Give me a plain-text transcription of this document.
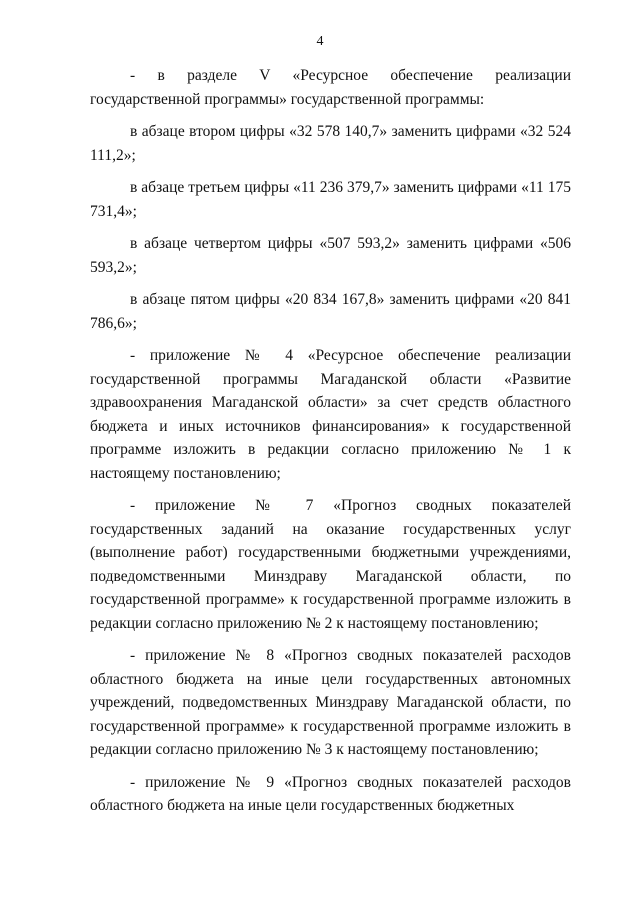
4

- в разделе V «Ресурсное обеспечение реализации государственной программы» государственной программы:

в абзаце втором цифры «32 578 140,7» заменить цифрами «32 524 111,2»;

в абзаце третьем цифры «11 236 379,7» заменить цифрами «11 175 731,4»;

в абзаце четвертом цифры «507 593,2» заменить цифрами «506 593,2»;

в абзаце пятом цифры «20 834 167,8» заменить цифрами «20 841 786,6»;

- приложение № 4 «Ресурсное обеспечение реализации государственной программы Магаданской области «Развитие здравоохранения Магаданской области» за счет средств областного бюджета и иных источников финансирования» к государственной программе изложить в редакции согласно приложению № 1 к настоящему постановлению;

- приложение № 7 «Прогноз сводных показателей государственных заданий на оказание государственных услуг (выполнение работ) государственными бюджетными учреждениями, подведомственными Минздраву Магаданской области, по государственной программе» к государственной программе изложить в редакции согласно приложению № 2 к настоящему постановлению;

- приложение № 8 «Прогноз сводных показателей расходов областного бюджета на иные цели государственных автономных учреждений, подведомственных Минздраву Магаданской области, по государственной программе» к государственной программе изложить в редакции согласно приложению № 3 к настоящему постановлению;

- приложение № 9 «Прогноз сводных показателей расходов областного бюджета на иные цели государственных бюджетных
